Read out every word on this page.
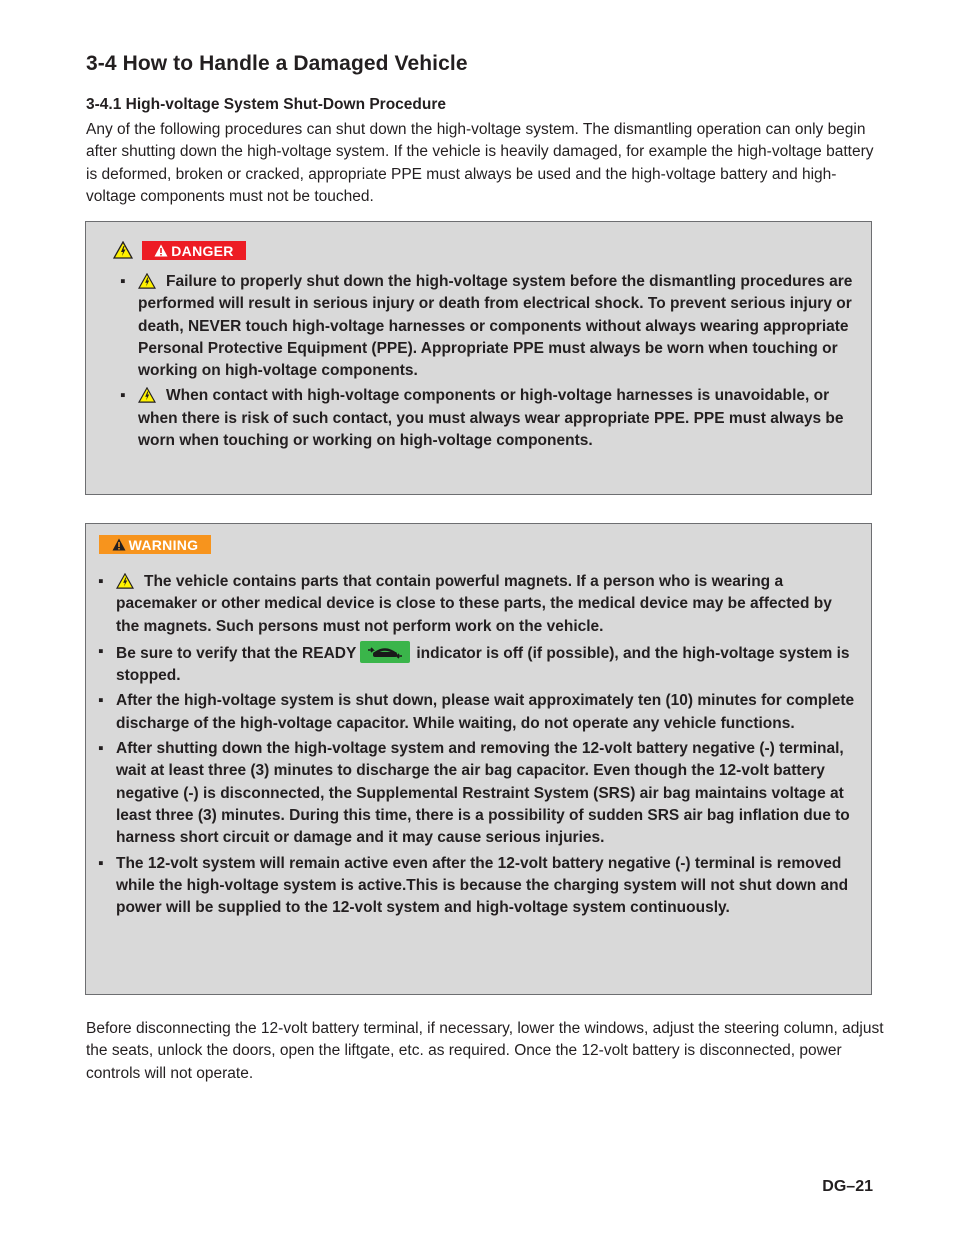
3-4 How to Handle a Damaged Vehicle
3-4.1 High-voltage System Shut-Down Procedure

Any of the following procedures can shut down the high-voltage system. The dismantling operation can only begin after shutting down the high-voltage system. If the vehicle is heavily damaged, for example the high-voltage battery is deformed, broken or cracked, appropriate PPE must always be used and the high-voltage battery and high-voltage components must not be touched.

DANGER
▪	Failure to properly shut down the high-voltage system before the dismantling procedures are performed will result in serious injury or death from electrical shock. To prevent serious injury or death, NEVER touch high-voltage harnesses or components without always wearing appropriate Personal Protective Equipment (PPE). Appropriate PPE must always be worn when touching or working on high-voltage components.
▪	When contact with high-voltage components or high-voltage harnesses is unavoidable, or when there is risk of such contact, you must always wear appropriate PPE. PPE must always be worn when touching or working on high-voltage components.
WARNING
▪	The vehicle contains parts that contain powerful magnets. If a person who is wearing a pacemaker or other medical device is close to these parts, the medical device may be affected by the magnets. Such persons must not perform work on the vehicle.
▪ Be sure to verify that the READY	indicator is off (if possible), and the high-voltage system is stopped.
▪ After the high-voltage system is shut down, please wait approximately ten (10) minutes for complete discharge of the high-voltage capacitor. While waiting, do not operate any vehicle functions.
▪ After shutting down the high-voltage system and removing the 12-volt battery negative (-) terminal, wait at least three (3) minutes to discharge the air bag capacitor. Even though the 12-volt battery negative (-) is disconnected, the Supplemental Restraint System (SRS) air bag maintains voltage at least three (3) minutes. During this time, there is a possibility of sudden SRS air bag inflation due to harness short circuit or damage and it may cause serious injuries.
▪ The 12-volt system will remain active even after the 12-volt battery negative (-) terminal is removed while the high-voltage system is active.This is because the charging system will not shut down and power will be supplied to the 12-volt system and high-voltage system continuously.

Before disconnecting the 12-volt battery terminal, if necessary, lower the windows, adjust the steering column, adjust the seats, unlock the doors, open the liftgate, etc. as required. Once the 12-volt battery is disconnected, power controls will not operate.

DG–21
